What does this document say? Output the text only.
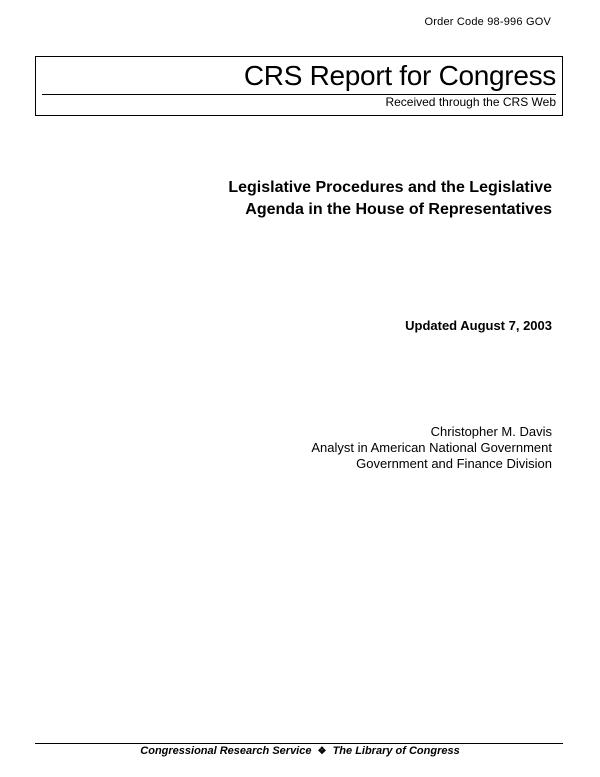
Order Code 98-996 GOV
CRS Report for Congress
Received through the CRS Web
Legislative Procedures and the Legislative
Agenda in the House of Representatives
Updated August 7, 2003
Christopher M. Davis
Analyst in American National Government
Government and Finance Division
Congressional Research Service ❖ The Library of Congress
